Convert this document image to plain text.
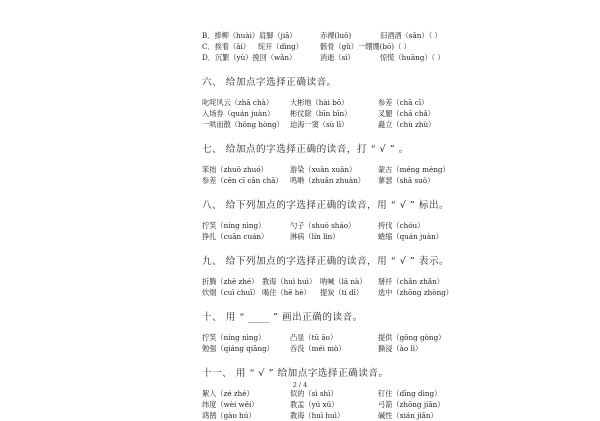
B．捧柳（huài）肩脚（jiā）	赤裸(luǒ)	旧酒酒（sǎn）（ ）
C．挨着（āi）	绽开（dìng）	骸骨（gǔ）一绷绷(bō)（ ）
D．沉繁（yù）挽回（wǎn）	消逝（sì）	惊慌（huāng）（ ）
六、 给加点字选择正确读音。
叱咤风云（zhā chà）	大彬地（hài bō）	参差（chā cī）
入场券（quán juàn）	彬仗除（bīn bīn）	叉腿（chā chǎ）
一哄而散（hōng hòng） 迫海一窦（sù lì）	矗立（chù zhù）
七、 给加点的字选择正确的读音，打 “ √ ” 。
笨拙（zhuō zhuó）	游染（xuàn xuān）	蒙古（méng méng）
参差（cēn cī cān chā）	鸣啭（zhuǎn zhuàn）	蓼瑟（shā suō）
八、 给下列加点的字选择正确的读音，用 “ √ ” 标出。
拧笑（níng nìng）	勺子（shuó sháo）	挎伐（chóu）
挣扎（cuān cuán）	淋病（lín lìn）	蜷缩（quán juàn）
九、 给下列加点的字选择正确的读音，用 “ √ ” 表示。
折腾（zhē zhé） 教诲（huì huì） 呐喊（lā nà）	掰扦（chǎn zhǎn）
炊烟（cuī chuī） 喝住（hē hè）	提炭（tí dī）	选中（zhōng zhòng）
十、 用 “ ____ ” 画出正确的读音。
拧笑（níng nìng）	凸显（tū āo）	提供（gōng gòng）
勉强（qiáng qiǎng）	吞没（méi mò）	撕浸（ào lì）
十一、 用 “ √ ” 给加点字选择正确读音。
絮人（zé zhé）	似的（sì shì）	钉住（dīng dìng）
纬度（wèi wěi）	教孟（yú xū）	弓箭（zhōng jiān）
鸿鹄（gào hú）	教诲（huì huì）	碱性（xián jiǎn）
2 / 4
